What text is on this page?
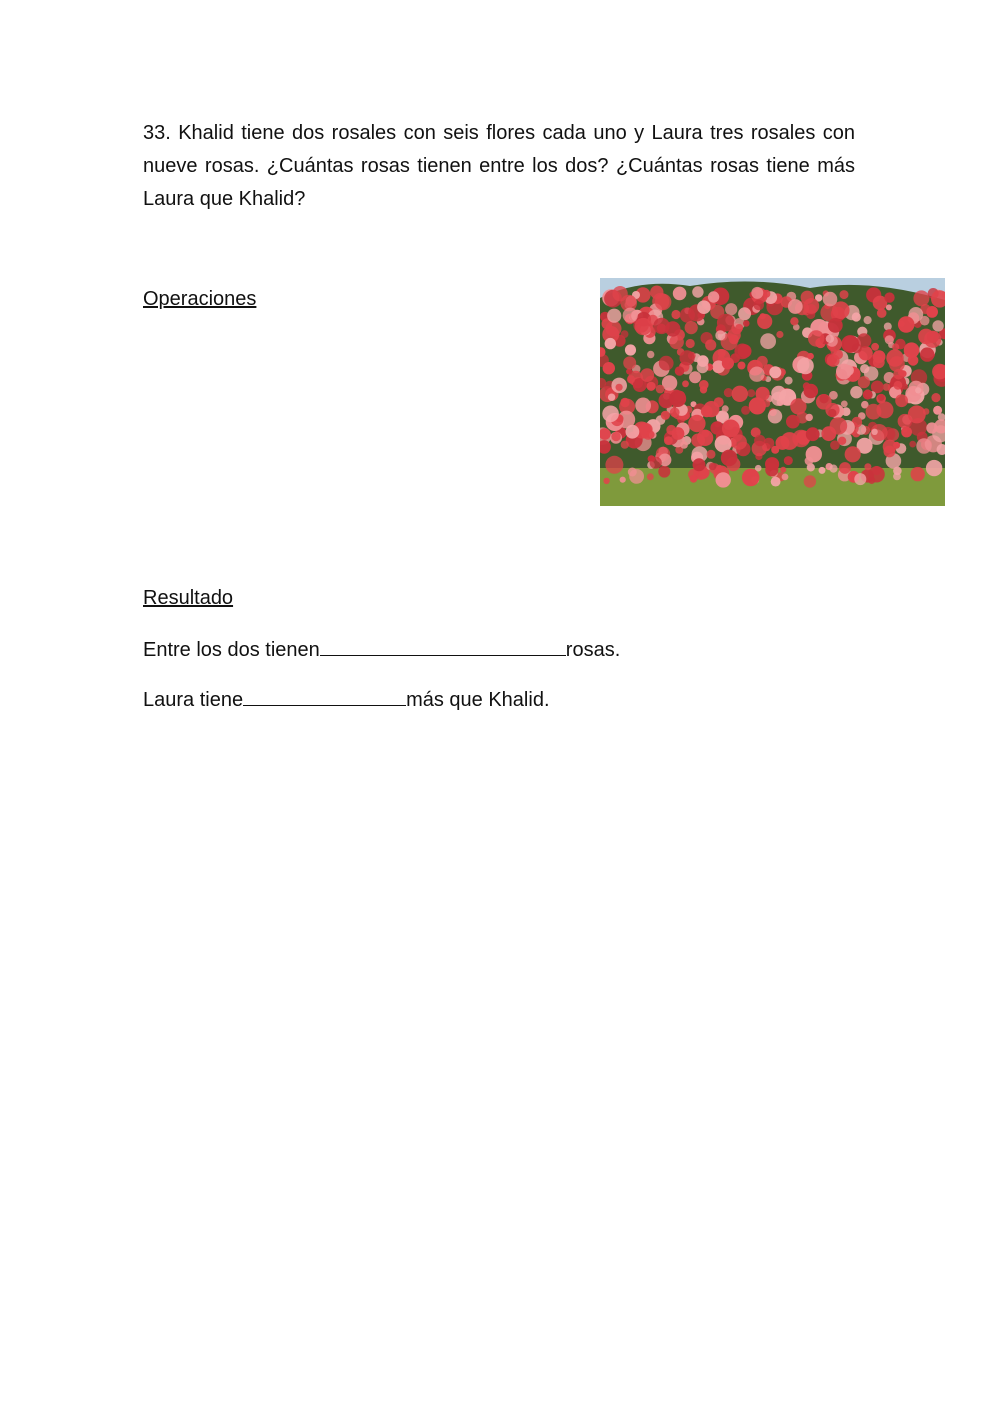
33. Khalid tiene dos rosales con seis flores cada uno y Laura tres rosales con nueve rosas. ¿Cuántas rosas tienen entre los dos? ¿Cuántas rosas tiene más Laura que Khalid?

Operaciones

Resultado

Entre los dos tienen	rosas.

Laura tiene	más que Khalid.
